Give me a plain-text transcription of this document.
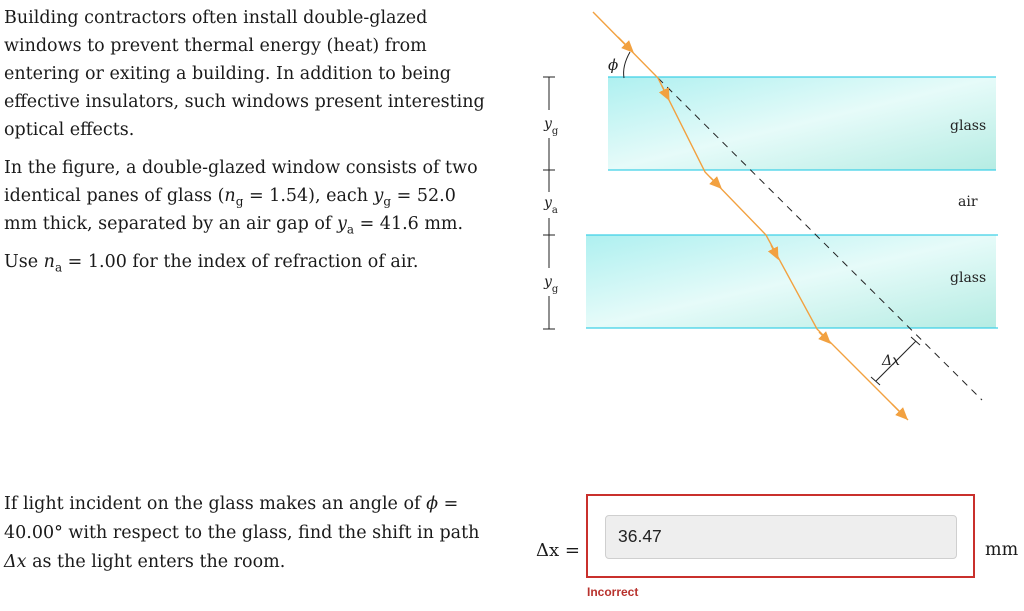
Building contractors often install double-glazed windows to prevent thermal energy (heat) from entering or exiting a building. In addition to being effective insulators, such windows present interesting optical effects.

In the figure, a double-glazed window consists of two identical panes of glass $(n_g = 1.54)$, each $y_g = 52.0$ mm thick, separated by an air gap of $y_a = 41.6$ mm.

Use $n_a = 1.00$ for the index of refraction of air.

ϕ
Δx
glass
air
glass
$y_g$
$y_a$
$y_g$
If light incident on the glass makes an angle of ϕ = 40.00° with respect to the glass, find the shift in path Δx as the light enters the room.
Δx =
36.47
mm
Incorrect
